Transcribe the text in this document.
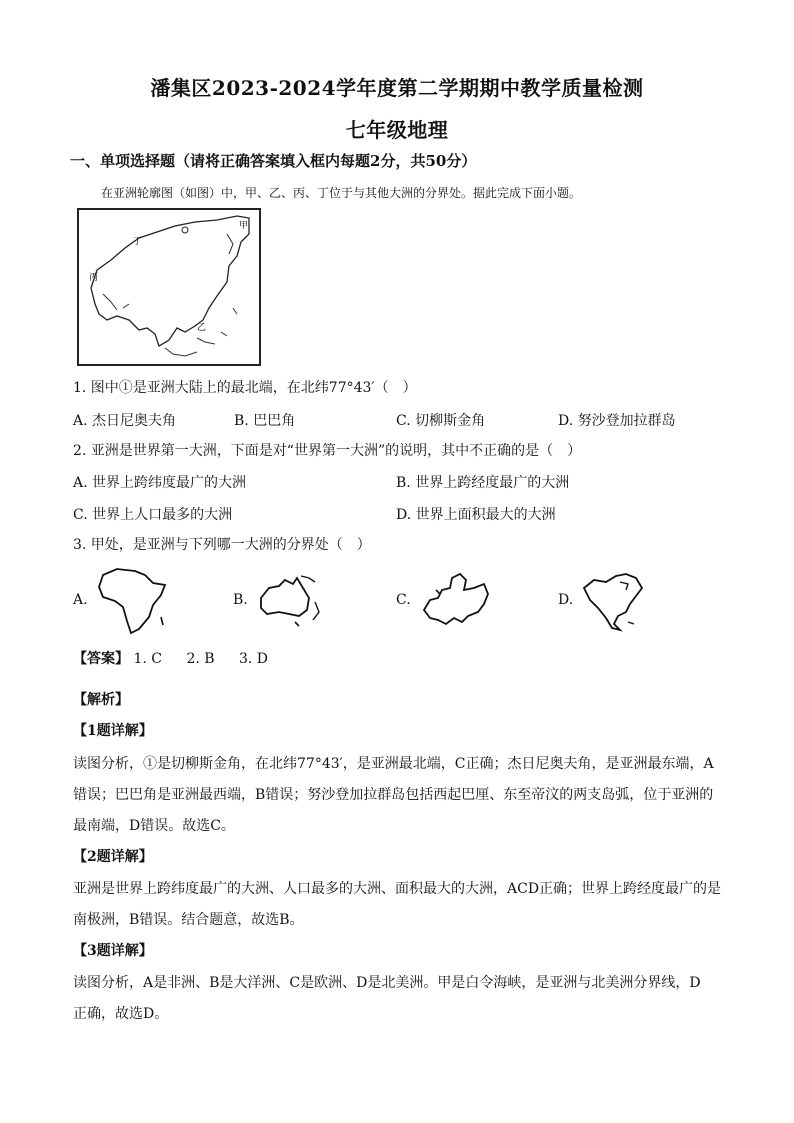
潘集区2023-2024学年度第二学期期中教学质量检测
七年级地理
一、单项选择题（请将正确答案填入框内每题2分，共50分）
在亚洲轮廓图（如图）中，甲、乙、丙、丁位于与其他大洲的分界处。据此完成下面小题。
甲
丁
丙
乙
1. 图中①是亚洲大陆上的最北端，在北纬77°43′（　）
A. 杰日尼奥夫角	B. 巴巴角	C. 切柳斯金角	D. 努沙登加拉群岛
2. 亚洲是世界第一大洲，下面是对“世界第一大洲”的说明，其中不正确的是（　）
A. 世界上跨纬度最广的大洲	B. 世界上跨经度最广的大洲
C. 世界上人口最多的大洲	D. 世界上面积最大的大洲
3. 甲处，是亚洲与下列哪一大洲的分界处（　）
A.	B.	C.	D.
【答案】 1. C 2. B 3. D
【解析】
【1题详解】
读图分析，①是切柳斯金角，在北纬77°43′，是亚洲最北端，C正确；杰日尼奥夫角，是亚洲最东端，A
错误；巴巴角是亚洲最西端，B错误；努沙登加拉群岛包括西起巴厘、东至帝汶的两支岛弧，位于亚洲的
最南端，D错误。故选C。
【2题详解】
亚洲是世界上跨纬度最广的大洲、人口最多的大洲、面积最大的大洲，ACD正确；世界上跨经度最广的是
南极洲，B错误。结合题意，故选B。
【3题详解】
读图分析，A是非洲、B是大洋洲、C是欧洲、D是北美洲。甲是白令海峡，是亚洲与北美洲分界线，D
正确，故选D。
